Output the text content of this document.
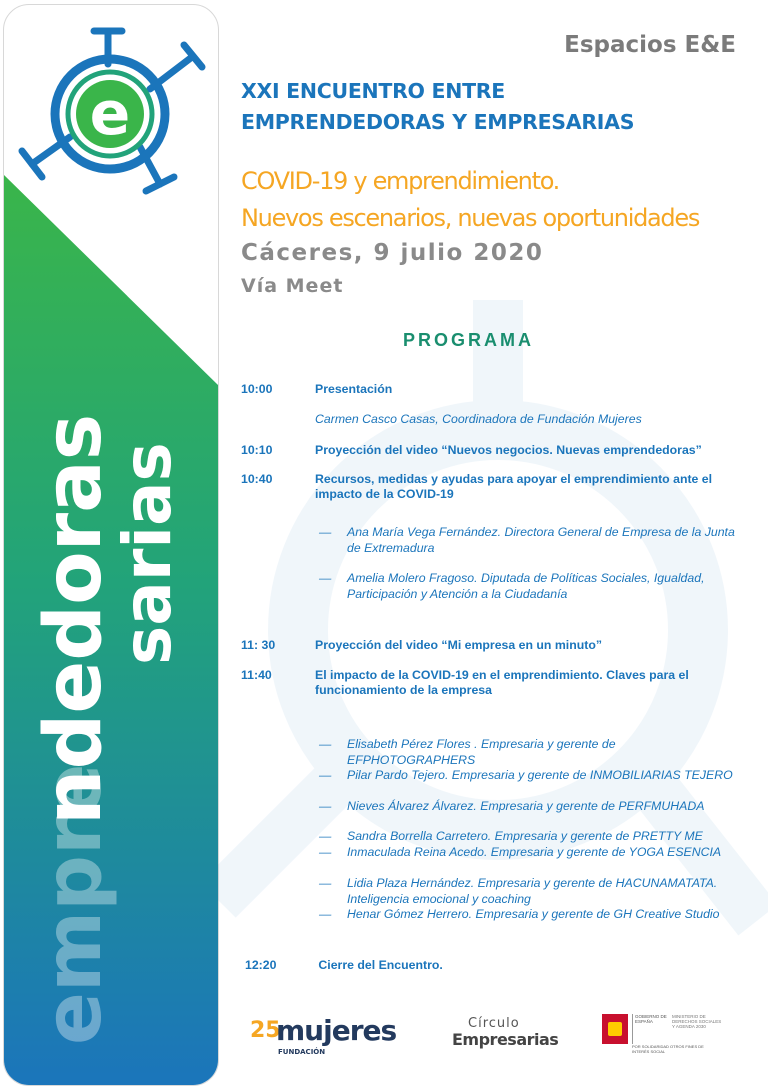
e
empre
ndedoras
sarias
Espacios E&E
XXI ENCUENTRO ENTRE
EMPRENDEDORAS Y EMPRESARIAS
COVID-19 y emprendimiento.
Nuevos escenarios, nuevas oportunidades
Cáceres, 9 julio 2020
Vía Meet
PROGRAMA
10:00	Presentación
Carmen Casco Casas, Coordinadora de Fundación Mujeres
10:10	Proyección del video “Nuevos negocios. Nuevas emprendedoras”
10:40	Recursos, medidas y ayudas para apoyar el emprendimiento ante el impacto de la COVID-19
— Ana María Vega Fernández. Directora General de Empresa de la Junta de Extremadura
— Amelia Molero Fragoso. Diputada de Políticas Sociales, Igualdad, Participación y Atención a la Ciudadanía
11: 30	Proyección del video “Mi empresa en un minuto”
11:40	El impacto de la COVID-19 en el emprendimiento. Claves para el funcionamiento de la empresa
— Elisabeth Pérez Flores . Empresaria y gerente de EFPHOTOGRAPHERS
— Pilar Pardo Tejero. Empresaria y gerente de INMOBILIARIAS TEJERO
— Nieves Álvarez Álvarez. Empresaria y gerente de PERFMUHADA
— Sandra Borrella Carretero. Empresaria y gerente de PRETTY ME
— Inmaculada Reina Acedo. Empresaria y gerente de YOGA ESENCIA
— Lidia Plaza Hernández. Empresaria y gerente de HACUNAMATATA. Inteligencia emocional y coaching
— Henar Gómez Herrero. Empresaria y gerente de GH Creative Studio
12:20	Cierre del Encuentro.
25
mujeres
FUNDACIÓN
Círculo
Empresarias
GOBIERNO DE ESPAÑA
MINISTERIO DE DERECHOS SOCIALES Y AGENDA 2030
POR SOLIDARIDAD OTROS FINES DE INTERÉS SOCIAL
